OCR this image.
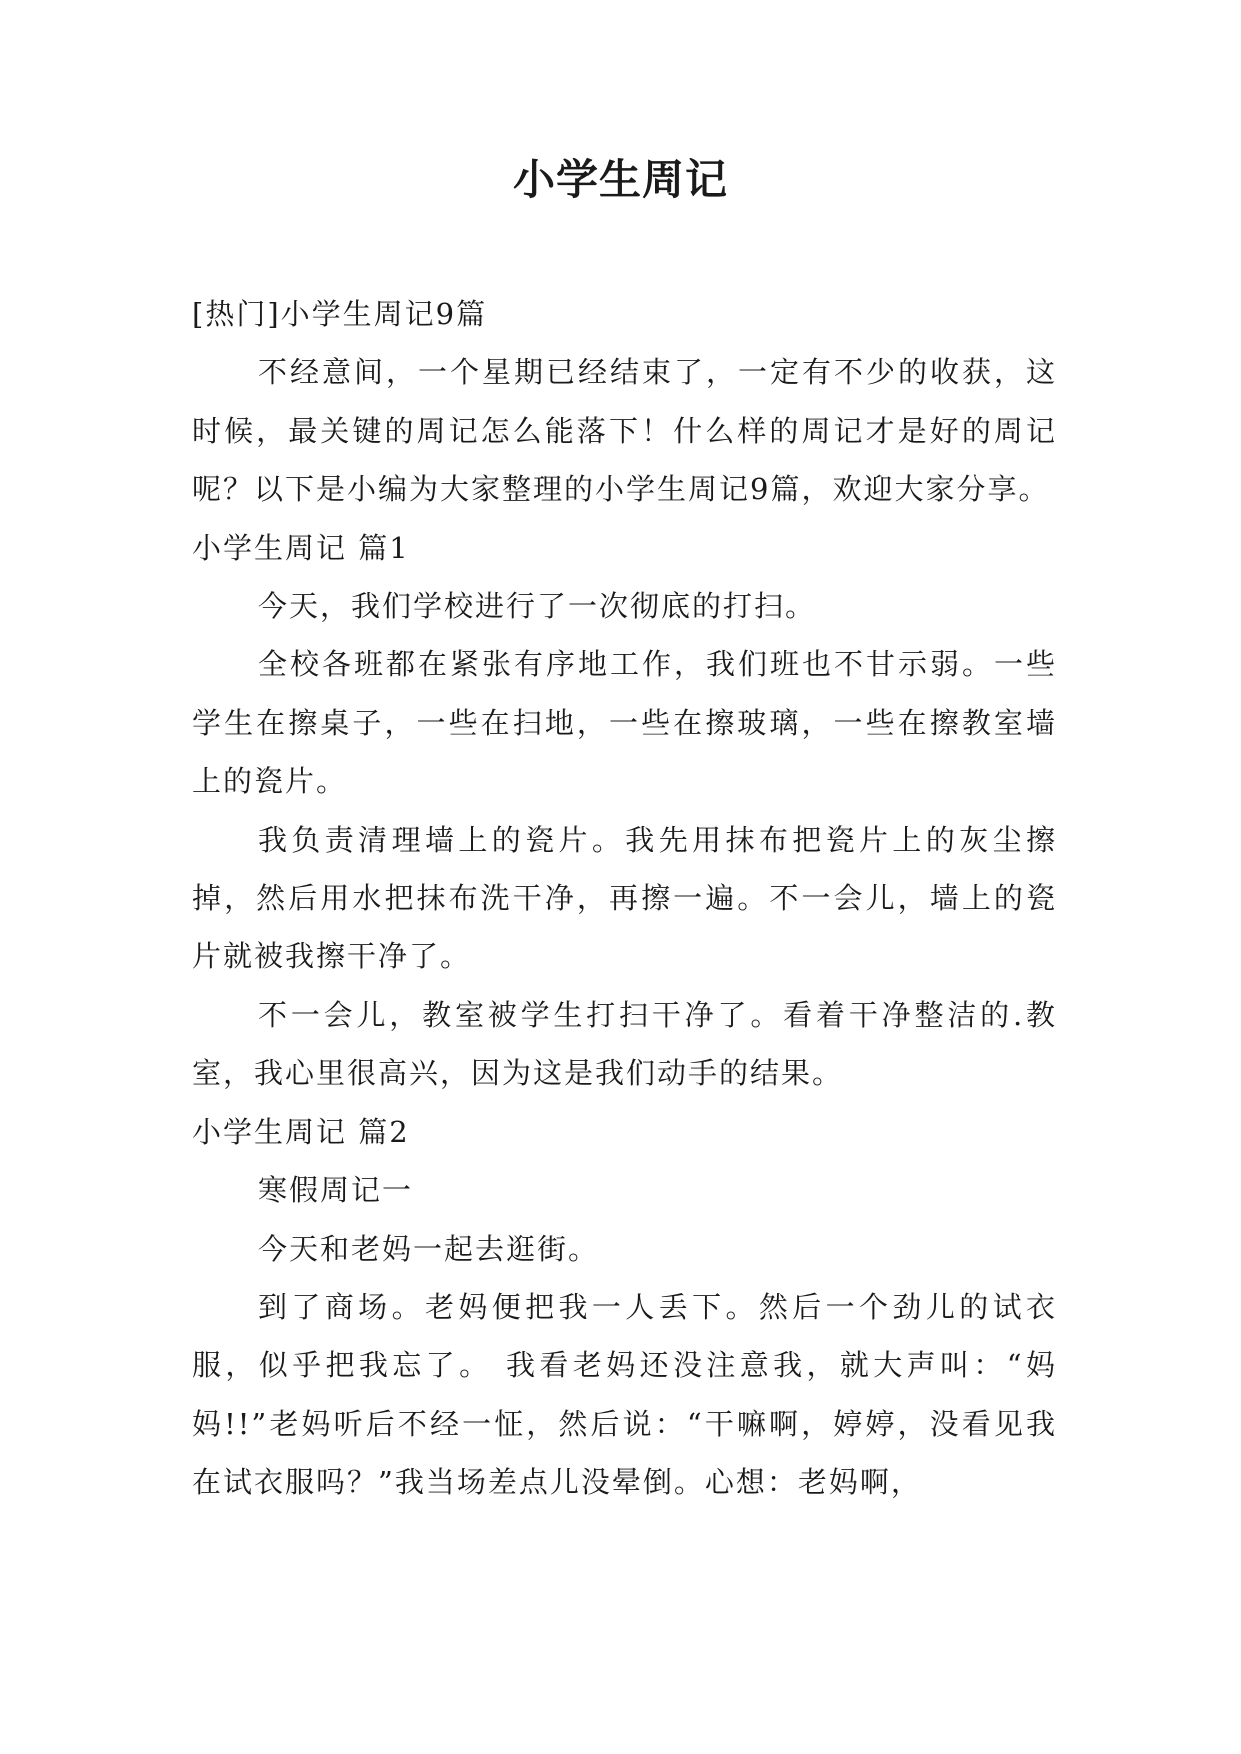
小学生周记

[热门]小学生周记9篇

不经意间，一个星期已经结束了，一定有不少的收获，这时候，最关键的周记怎么能落下！什么样的周记才是好的周记呢？以下是小编为大家整理的小学生周记9篇，欢迎大家分享。

小学生周记 篇1

今天，我们学校进行了一次彻底的打扫。

全校各班都在紧张有序地工作，我们班也不甘示弱。一些学生在擦桌子，一些在扫地，一些在擦玻璃，一些在擦教室墙上的瓷片。

我负责清理墙上的瓷片。我先用抹布把瓷片上的灰尘擦掉，然后用水把抹布洗干净，再擦一遍。不一会儿，墙上的瓷片就被我擦干净了。

不一会儿，教室被学生打扫干净了。看着干净整洁的.教室，我心里很高兴，因为这是我们动手的结果。

小学生周记 篇2

寒假周记一

今天和老妈一起去逛街。

到了商场。老妈便把我一人丢下。然后一个劲儿的试衣服，似乎把我忘了。 我看老妈还没注意我，就大声叫：“妈妈!!”老妈听后不经一怔，然后说：“干嘛啊，婷婷，没看见我在试衣服吗？”我当场差点儿没晕倒。心想：老妈啊，
